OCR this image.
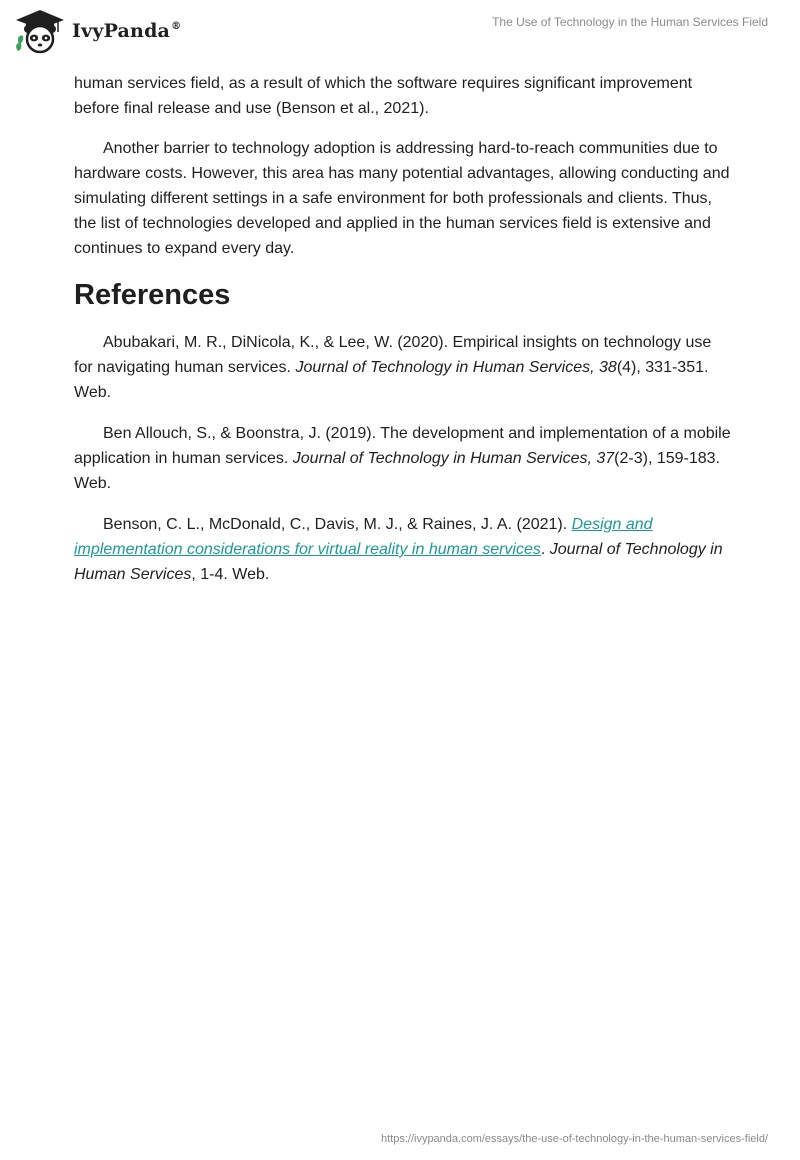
IvyPanda®	The Use of Technology in the Human Services Field

human services field, as a result of which the software requires significant improvement before final release and use (Benson et al., 2021).

Another barrier to technology adoption is addressing hard-to-reach communities due to hardware costs. However, this area has many potential advantages, allowing conducting and simulating different settings in a safe environment for both professionals and clients. Thus, the list of technologies developed and applied in the human services field is extensive and continues to expand every day.

References

Abubakari, M. R., DiNicola, K., & Lee, W. (2020). Empirical insights on technology use for navigating human services. Journal of Technology in Human Services, 38(4), 331-351. Web.

Ben Allouch, S., & Boonstra, J. (2019). The development and implementation of a mobile application in human services. Journal of Technology in Human Services, 37(2-3), 159-183. Web.

Benson, C. L., McDonald, C., Davis, M. J., & Raines, J. A. (2021). Design and implementation considerations for virtual reality in human services. Journal of Technology in Human Services, 1-4. Web.

https://ivypanda.com/essays/the-use-of-technology-in-the-human-services-field/
